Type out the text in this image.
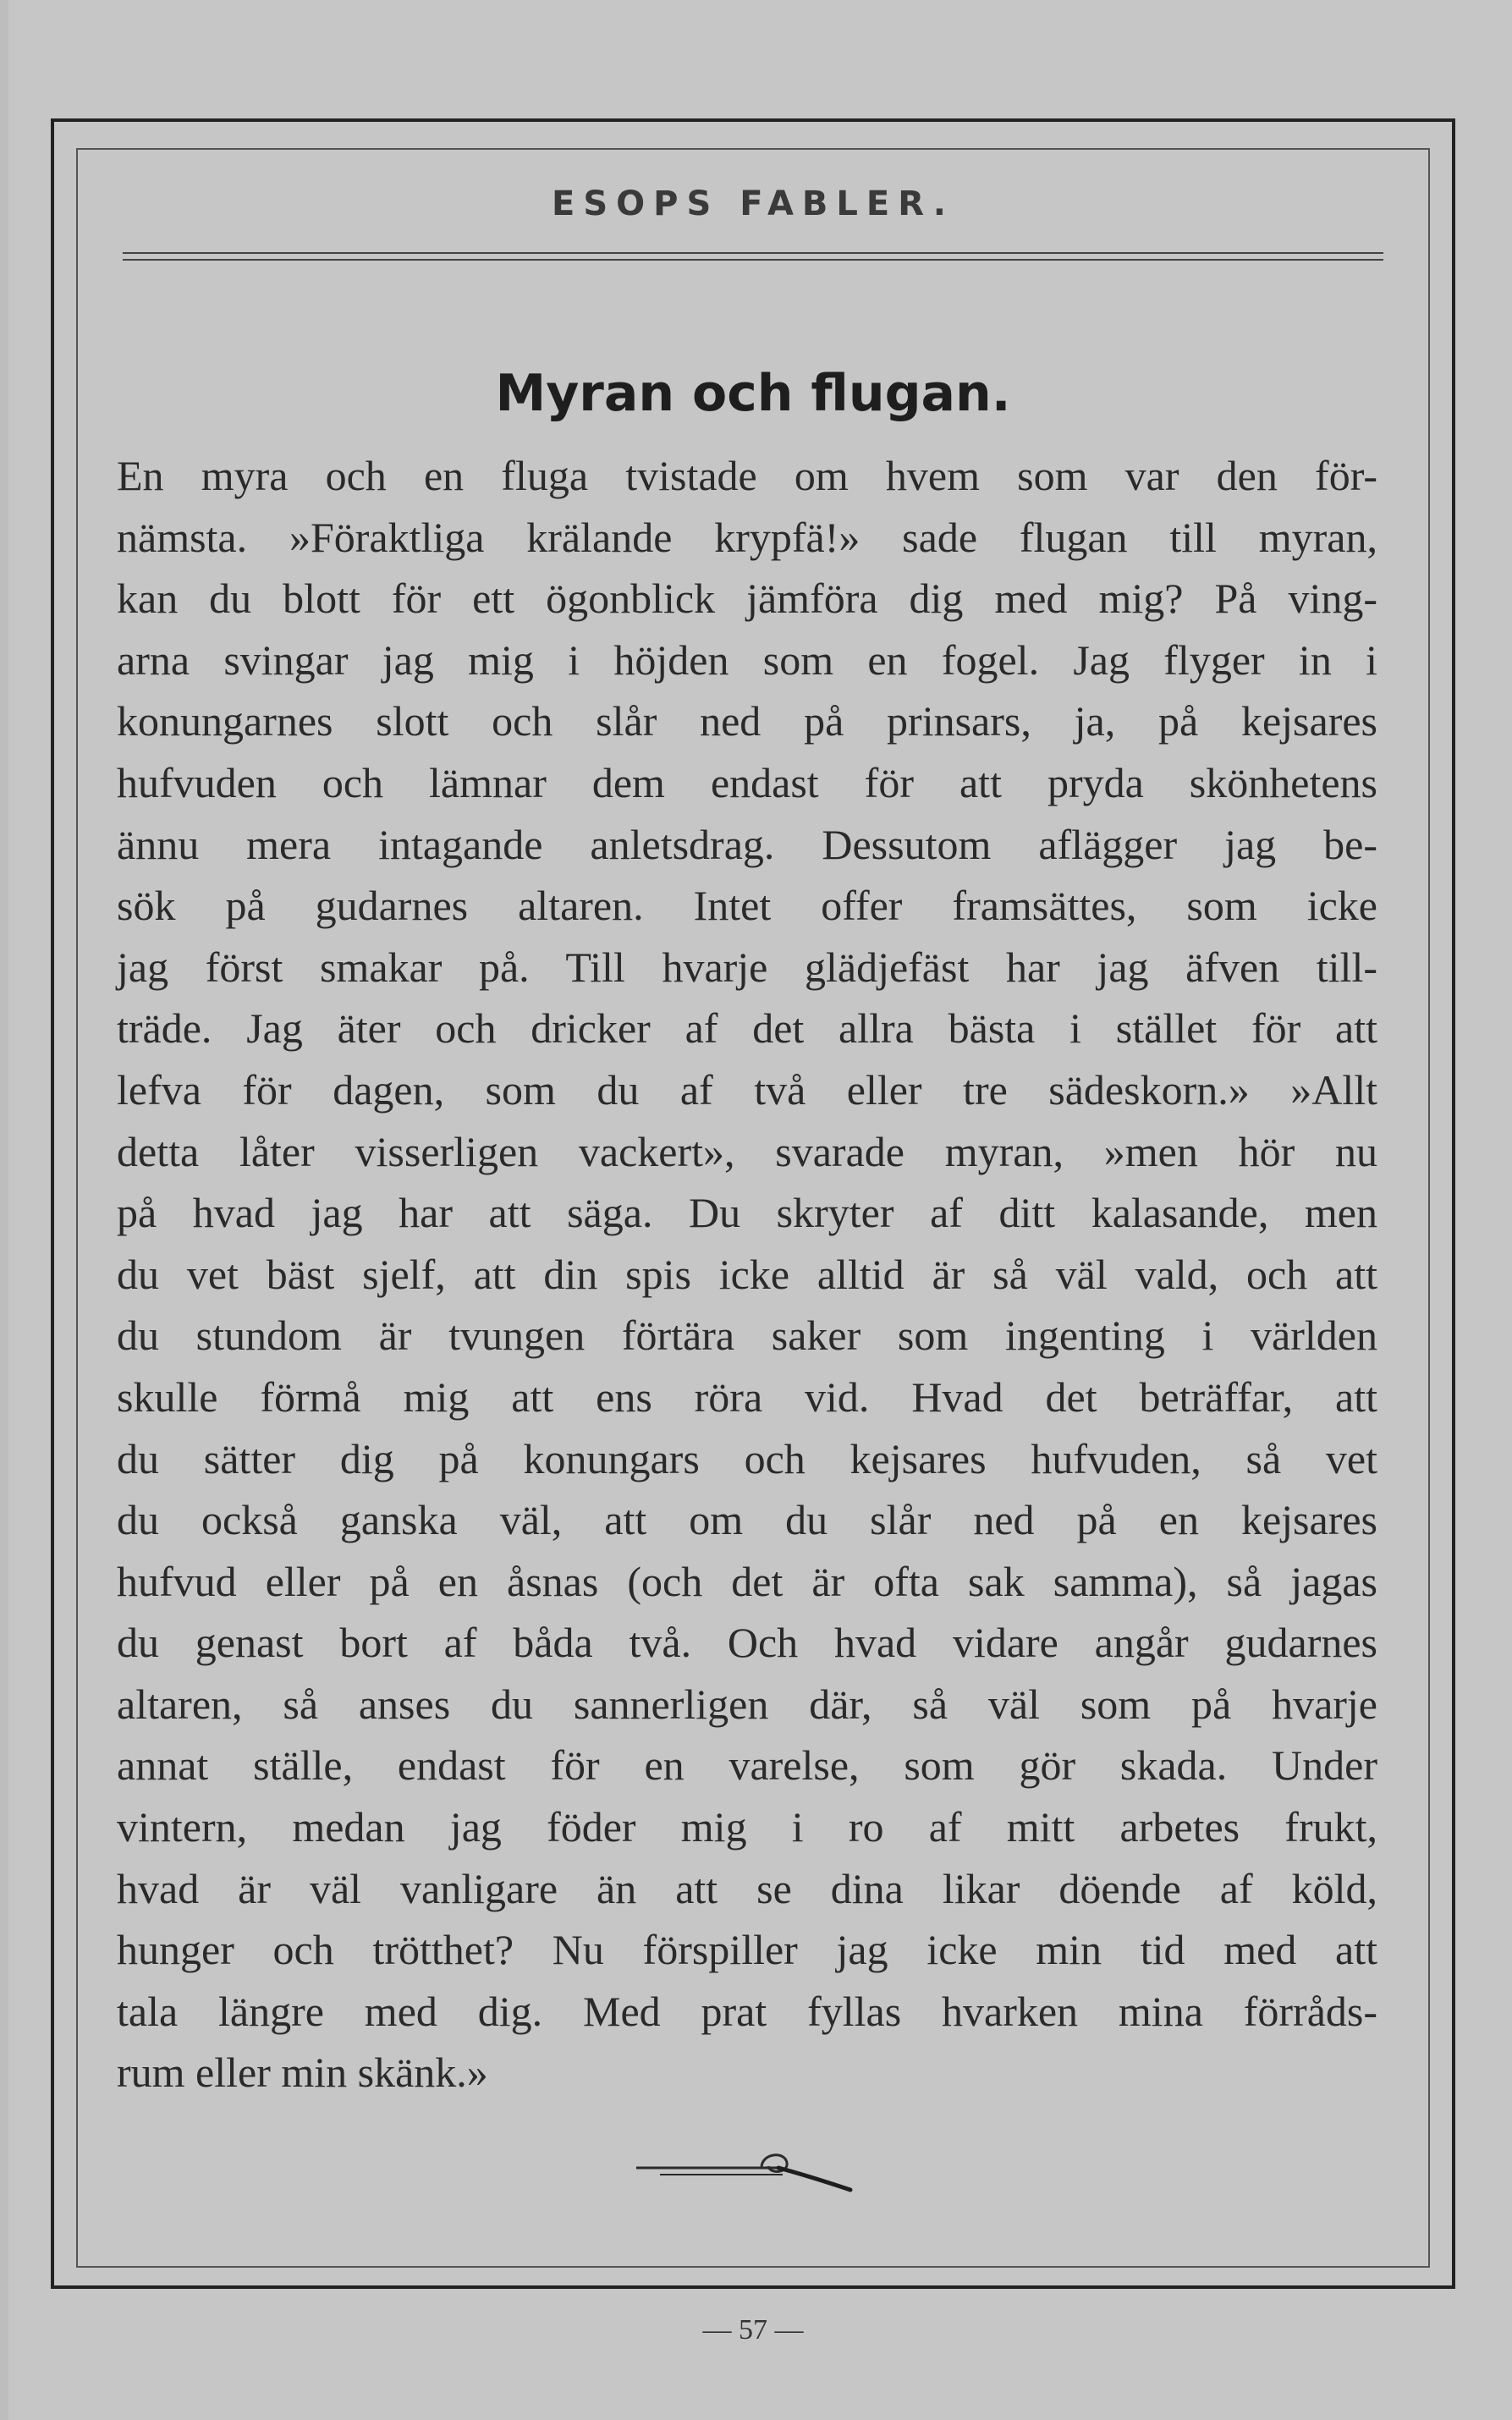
ESOPS FABLER.
Myran och flugan.
En myra och en fluga tvistade om hvem som var den för-
nämsta. »Föraktliga krälande krypfä!» sade flugan till myran,
kan du blott för ett ögonblick jämföra dig med mig? På ving-
arna svingar jag mig i höjden som en fogel. Jag flyger in i
konungarnes slott och slår ned på prinsars, ja, på kejsares
hufvuden och lämnar dem endast för att pryda skönhetens
ännu mera intagande anletsdrag. Dessutom aflägger jag be-
sök på gudarnes altaren. Intet offer framsättes, som icke
jag först smakar på. Till hvarje glädjefäst har jag äfven till-
träde. Jag äter och dricker af det allra bästa i stället för att
lefva för dagen, som du af två eller tre sädeskorn.» »Allt
detta låter visserligen vackert», svarade myran, »men hör nu
på hvad jag har att säga. Du skryter af ditt kalasande, men
du vet bäst sjelf, att din spis icke alltid är så väl vald, och att
du stundom är tvungen förtära saker som ingenting i världen
skulle förmå mig att ens röra vid. Hvad det beträffar, att
du sätter dig på konungars och kejsares hufvuden, så vet
du också ganska väl, att om du slår ned på en kejsares
hufvud eller på en åsnas (och det är ofta sak samma), så jagas
du genast bort af båda två. Och hvad vidare angår gudarnes
altaren, så anses du sannerligen där, så väl som på hvarje
annat ställe, endast för en varelse, som gör skada. Under
vintern, medan jag föder mig i ro af mitt arbetes frukt,
hvad är väl vanligare än att se dina likar döende af köld,
hunger och trötthet? Nu förspiller jag icke min tid med att
tala längre med dig. Med prat fyllas hvarken mina förråds-
rum eller min skänk.»

— 57 —
